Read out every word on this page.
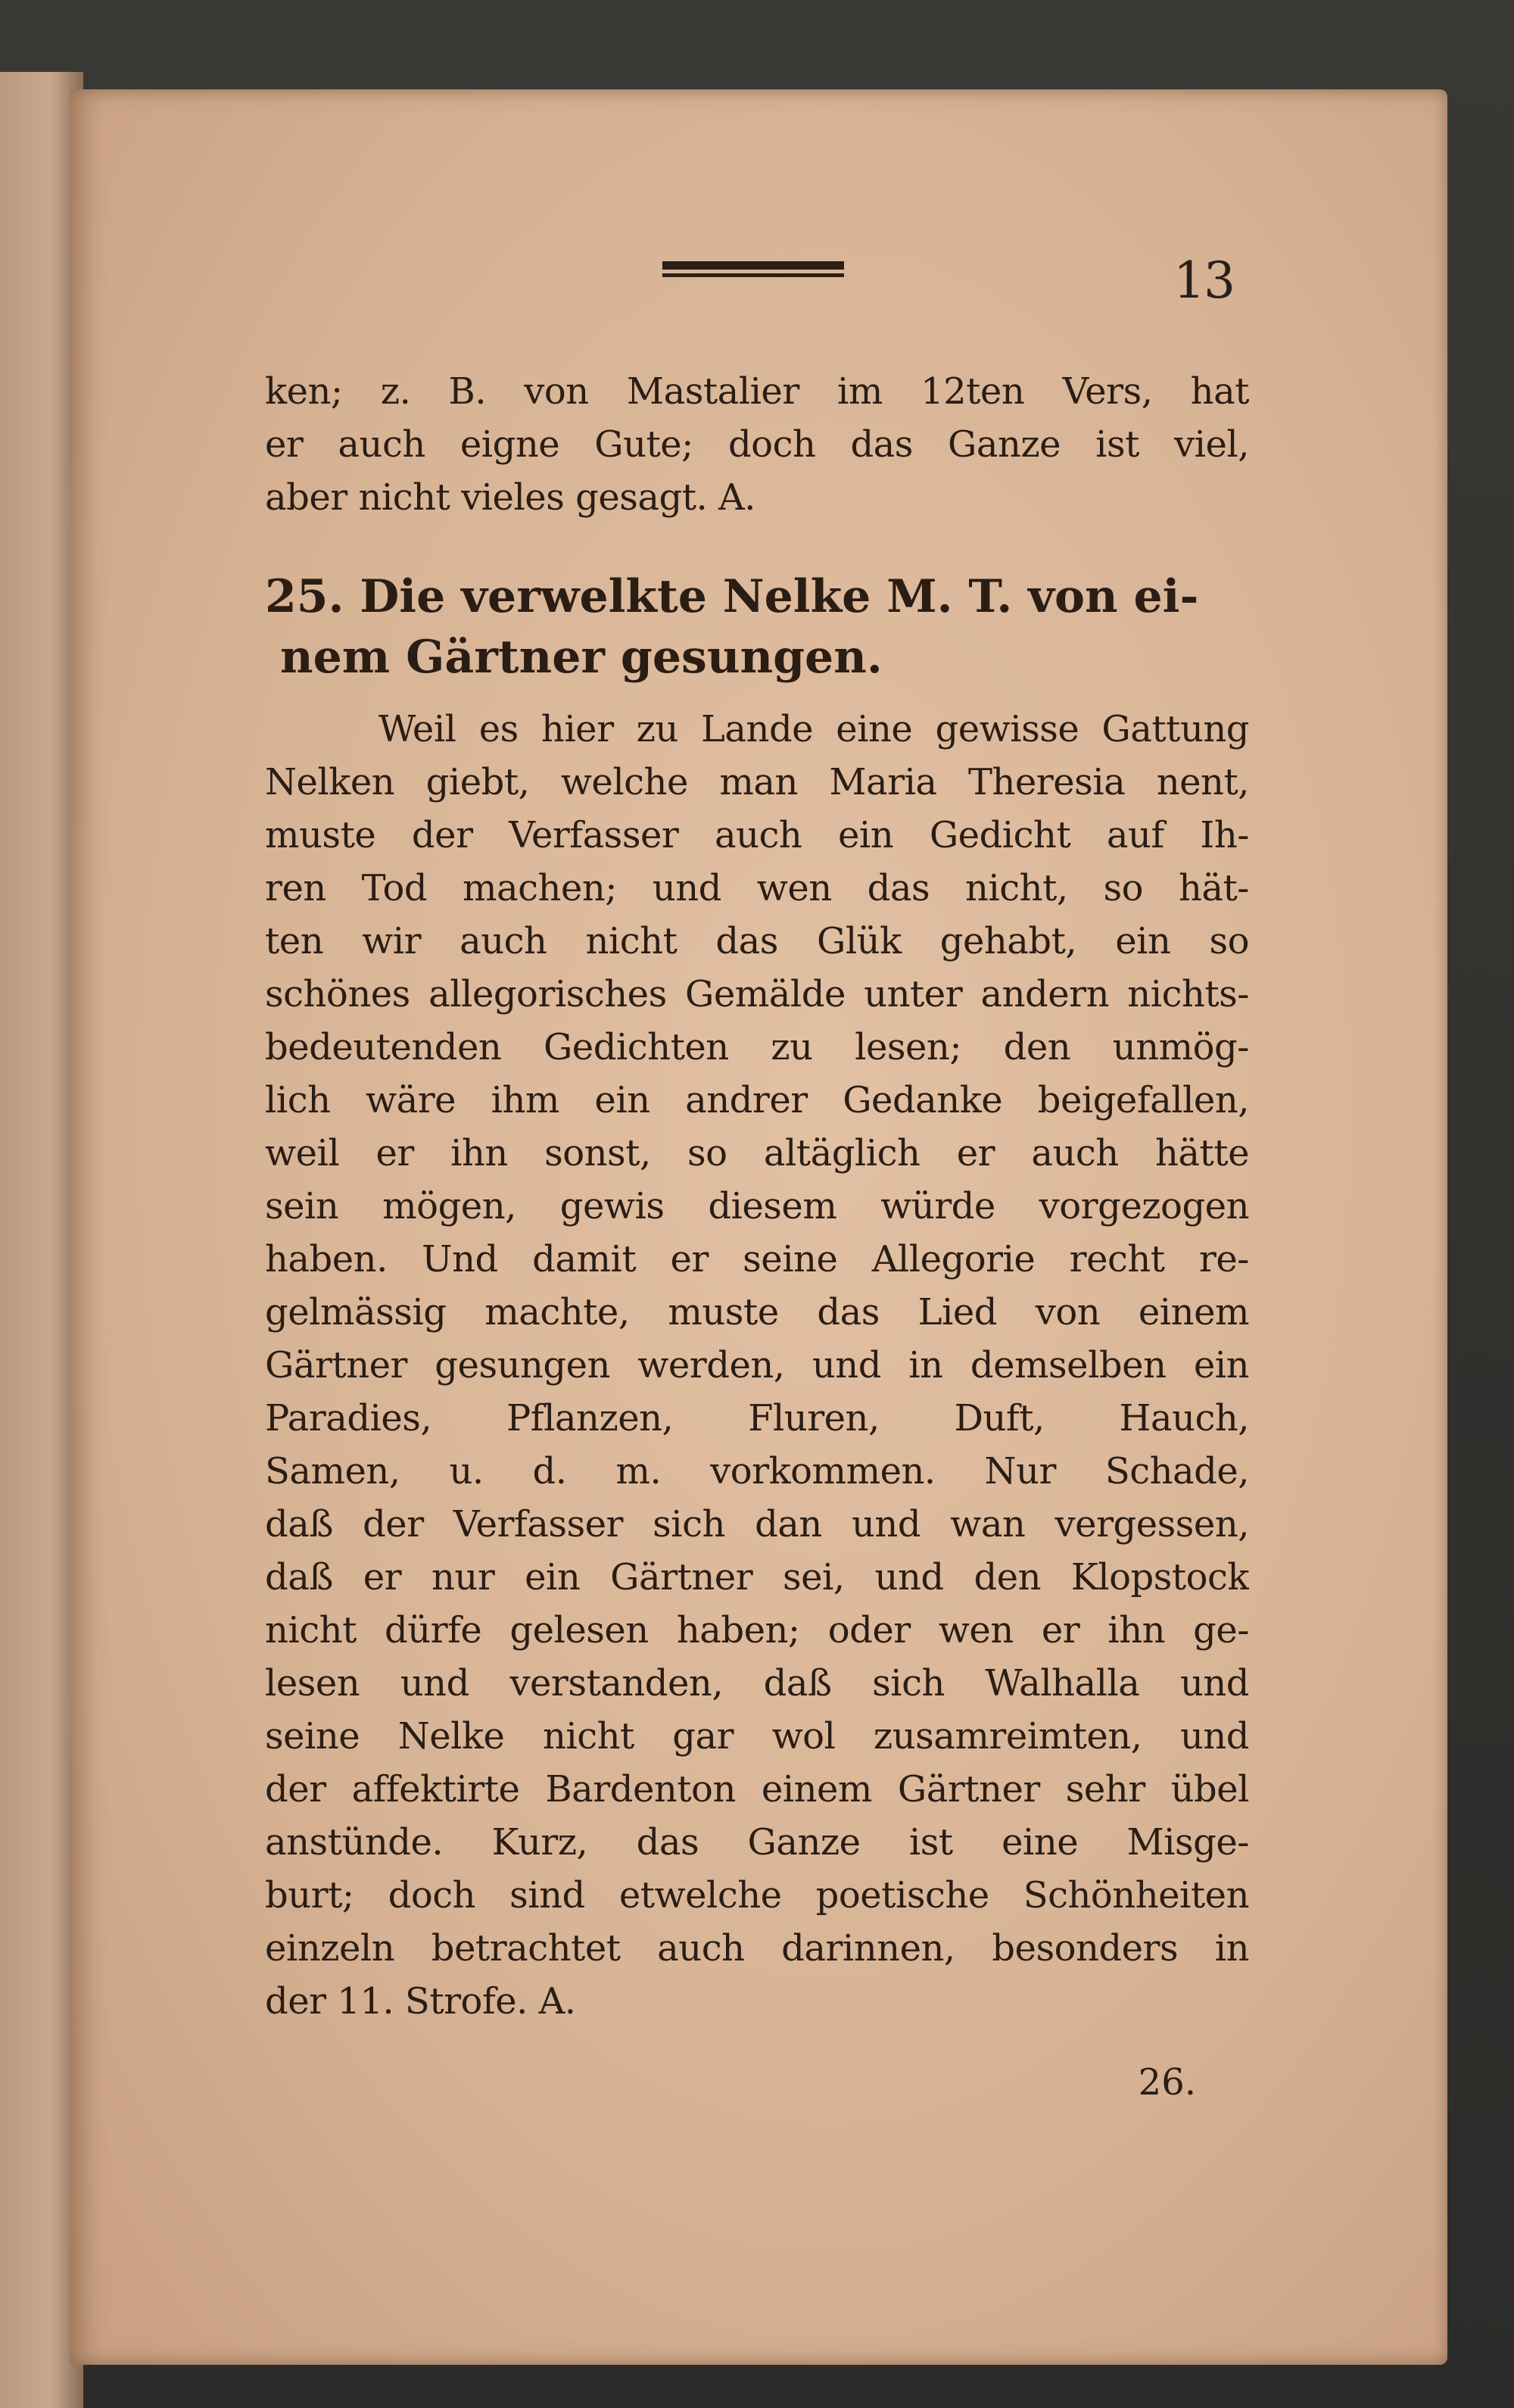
13
ken; z. B. von Mastalier im 12ten Vers, hat
er auch eigne Gute; doch das Ganze ist viel,
aber nicht vieles gesagt. A.
25. Die verwelkte Nelke M. T. von ei-
nem Gärtner gesungen.
Weil es hier zu Lande eine gewisse Gattung
Nelken giebt, welche man Maria Theresia nent,
muste der Verfasser auch ein Gedicht auf Ih-
ren Tod machen; und wen das nicht, so hät-
ten wir auch nicht das Glük gehabt, ein so
schönes allegorisches Gemälde unter andern nichts-
bedeutenden Gedichten zu lesen; den unmög-
lich wäre ihm ein andrer Gedanke beigefallen,
weil er ihn sonst, so altäglich er auch hätte
sein mögen, gewis diesem würde vorgezogen
haben. Und damit er seine Allegorie recht re-
gelmässig machte, muste das Lied von einem
Gärtner gesungen werden, und in demselben ein
Paradies, Pflanzen, Fluren, Duft, Hauch,
Samen, u. d. m. vorkommen. Nur Schade,
daß der Verfasser sich dan und wan vergessen,
daß er nur ein Gärtner sei, und den Klopstock
nicht dürfe gelesen haben; oder wen er ihn ge-
lesen und verstanden, daß sich Walhalla und
seine Nelke nicht gar wol zusamreimten, und
der affektirte Bardenton einem Gärtner sehr übel
anstünde. Kurz, das Ganze ist eine Misge-
burt; doch sind etwelche poetische Schönheiten
einzeln betrachtet auch darinnen, besonders in
der 11. Strofe. A.
26.
